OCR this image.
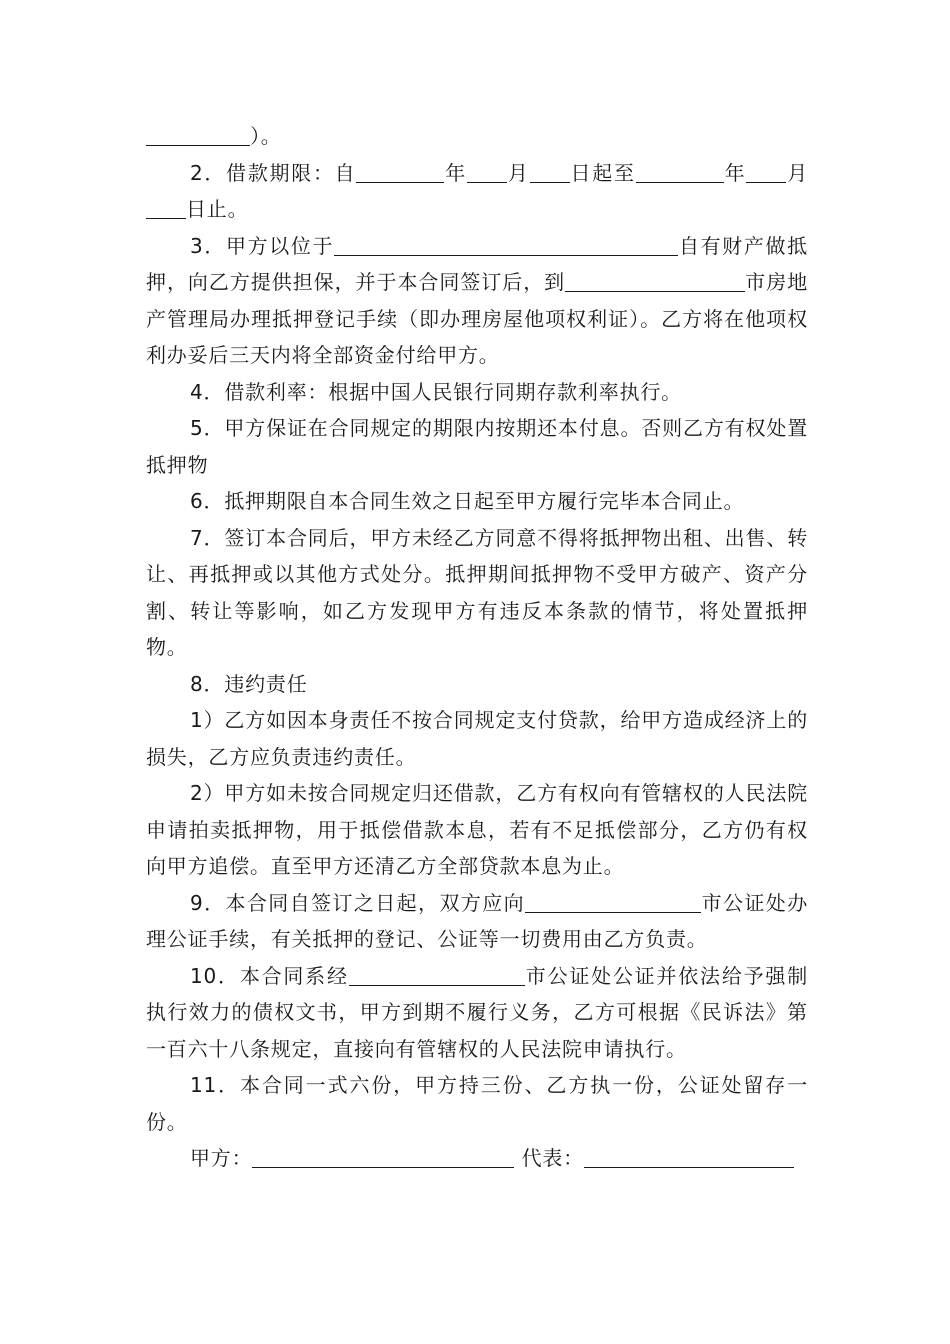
）。

2．借款期限：自	年 月 日起至	年 月日止。

3．甲方以位于	自有财产做抵押，向乙方提供担保，并于本合同签订后，到	市房地产管理局办理抵押登记手续（即办理房屋他项权利证）。乙方将在他项权利办妥后三天内将全部资金付给甲方。

4．借款利率：根据中国人民银行同期存款利率执行。

5．甲方保证在合同规定的期限内按期还本付息。否则乙方有权处置抵押物

6．抵押期限自本合同生效之日起至甲方履行完毕本合同止。

7．签订本合同后，甲方未经乙方同意不得将抵押物出租、出售、转让、再抵押或以其他方式处分。抵押期间抵押物不受甲方破产、资产分割、转让等影响，如乙方发现甲方有违反本条款的情节，将处置抵押物。

8．违约责任

1）乙方如因本身责任不按合同规定支付贷款，给甲方造成经济上的损失，乙方应负责违约责任。

2）甲方如未按合同规定归还借款，乙方有权向有管辖权的人民法院申请拍卖抵押物，用于抵偿借款本息，若有不足抵偿部分，乙方仍有权向甲方追偿。直至甲方还清乙方全部贷款本息为止。

9．本合同自签订之日起，双方应向	市公证处办理公证手续，有关抵押的登记、公证等一切费用由乙方负责。

10．本合同系经	市公证处公证并依法给予强制执行效力的债权文书，甲方到期不履行义务，乙方可根据《民诉法》第一百六十八条规定，直接向有管辖权的人民法院申请执行。

11．本合同一式六份，甲方持三份、乙方执一份，公证处留存一份。

甲方：	代表：
